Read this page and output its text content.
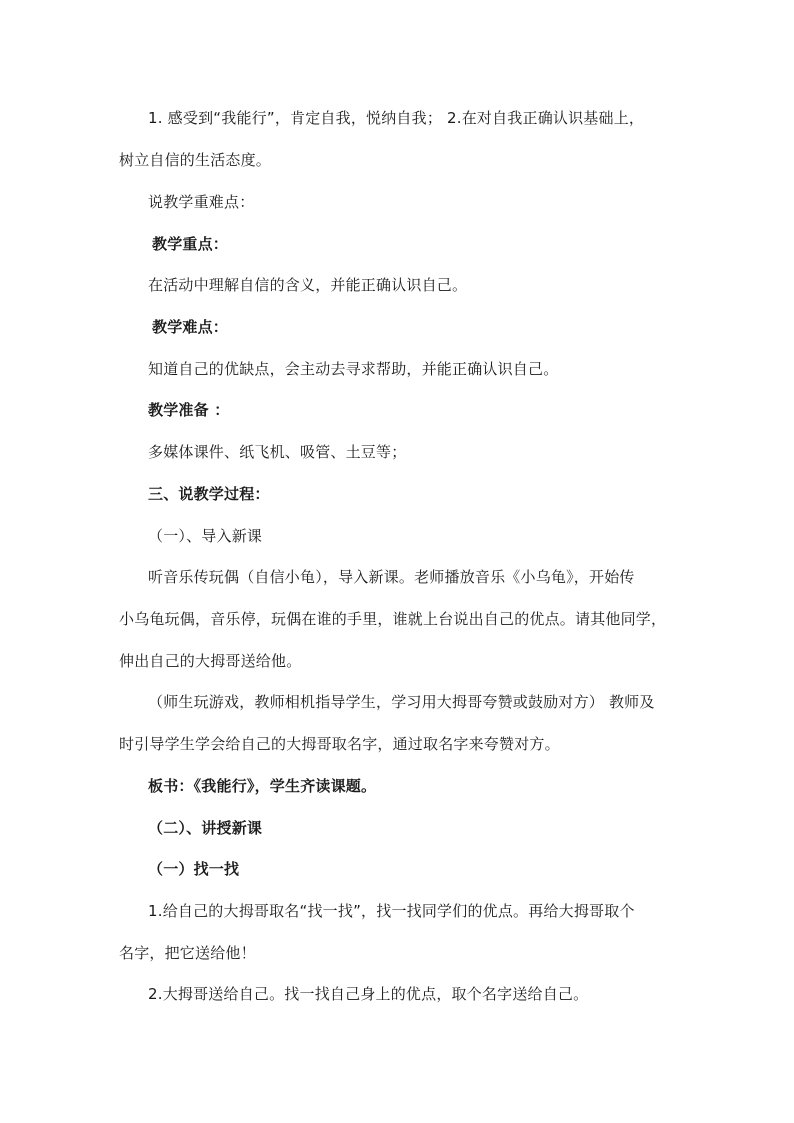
1. 感受到“我能行”，肯定自我，悦纳自我； 2.在对自我正确认识基础上，
树立自信的生活态度。
说教学重难点：
教学重点：
在活动中理解自信的含义，并能正确认识自己。
教学难点：
知道自己的优缺点，会主动去寻求帮助，并能正确认识自己。
教学准备 ：
多媒体课件、纸飞机、吸管、土豆等；
三、说教学过程：
（一）、导入新课
听音乐传玩偶（自信小龟），导入新课。老师播放音乐《小乌龟》，开始传
小乌龟玩偶，音乐停，玩偶在谁的手里，谁就上台说出自己的优点。请其他同学，
伸出自己的大拇哥送给他。
（师生玩游戏，教师相机指导学生，学习用大拇哥夸赞或鼓励对方） 教师及
时引导学生学会给自己的大拇哥取名字，通过取名字来夸赞对方。
板书：《我能行》，学生齐读课题。
（二）、讲授新课
（一）找一找
1.给自己的大拇哥取名“找一找”，找一找同学们的优点。再给大拇哥取个
名字，把它送给他！
2.大拇哥送给自己。找一找自己身上的优点，取个名字送给自己。
